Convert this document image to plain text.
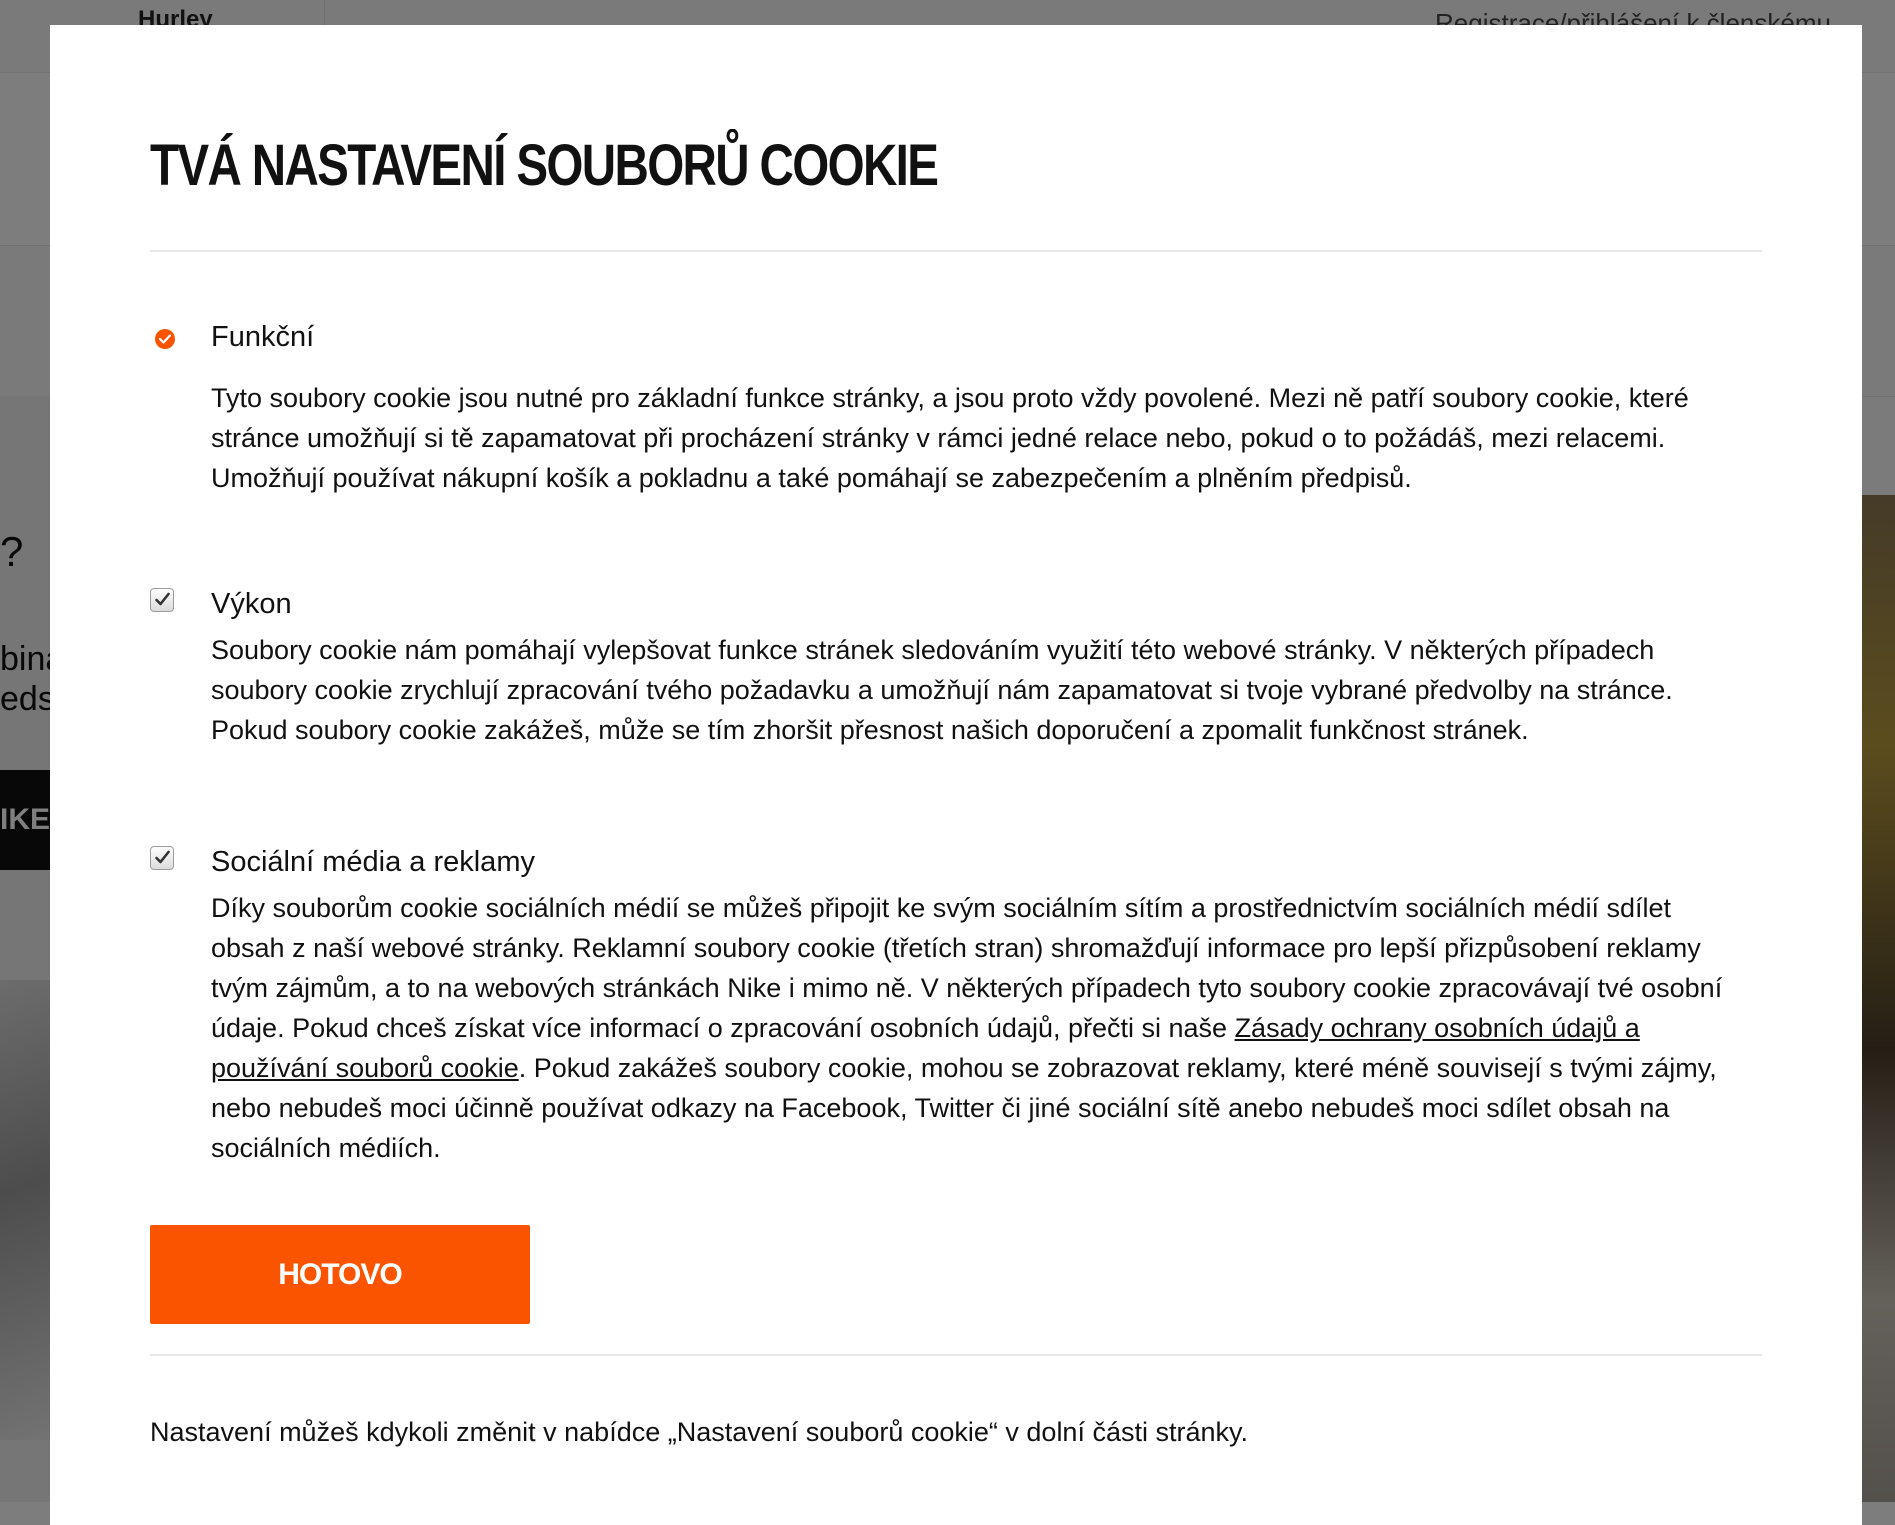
TVÁ NASTAVENÍ SOUBORŮ COOKIE
Funkční

Tyto soubory cookie jsou nutné pro základní funkce stránky, a jsou proto vždy povolené. Mezi ně patří soubory cookie, které stránce umožňují si tě zapamatovat při procházení stránky v rámci jedné relace nebo, pokud o to požádáš, mezi relacemi. Umožňují používat nákupní košík a pokladnu a také pomáhají se zabezpečením a plněním předpisů.

Výkon

Soubory cookie nám pomáhají vylepšovat funkce stránek sledováním využití této webové stránky. V některých případech soubory cookie zrychlují zpracování tvého požadavku a umožňují nám zapamatovat si tvoje vybrané předvolby na stránce. Pokud soubory cookie zakážeš, může se tím zhoršit přesnost našich doporučení a zpomalit funkčnost stránek.

Sociální média a reklamy

Díky souborům cookie sociálních médií se můžeš připojit ke svým sociálním sítím a prostřednictvím sociálních médií sdílet obsah z naší webové stránky. Reklamní soubory cookie (třetích stran) shromažďují informace pro lepší přizpůsobení reklamy tvým zájmům, a to na webových stránkách Nike i mimo ně. V některých případech tyto soubory cookie zpracovávají tvé osobní údaje. Pokud chceš získat více informací o zpracování osobních údajů, přečti si naše Zásady ochrany osobních údajů a používání souborů cookie. Pokud zakážeš soubory cookie, mohou se zobrazovat reklamy, které méně souvisejí s tvými zájmy, nebo nebudeš moci účinně používat odkazy na Facebook, Twitter či jiné sociální sítě anebo nebudeš moci sdílet obsah na sociálních médiích.

HOTOVO

Nastavení můžeš kdykoli změnit v nabídce „Nastavení souborů cookie“ v dolní části stránky.
